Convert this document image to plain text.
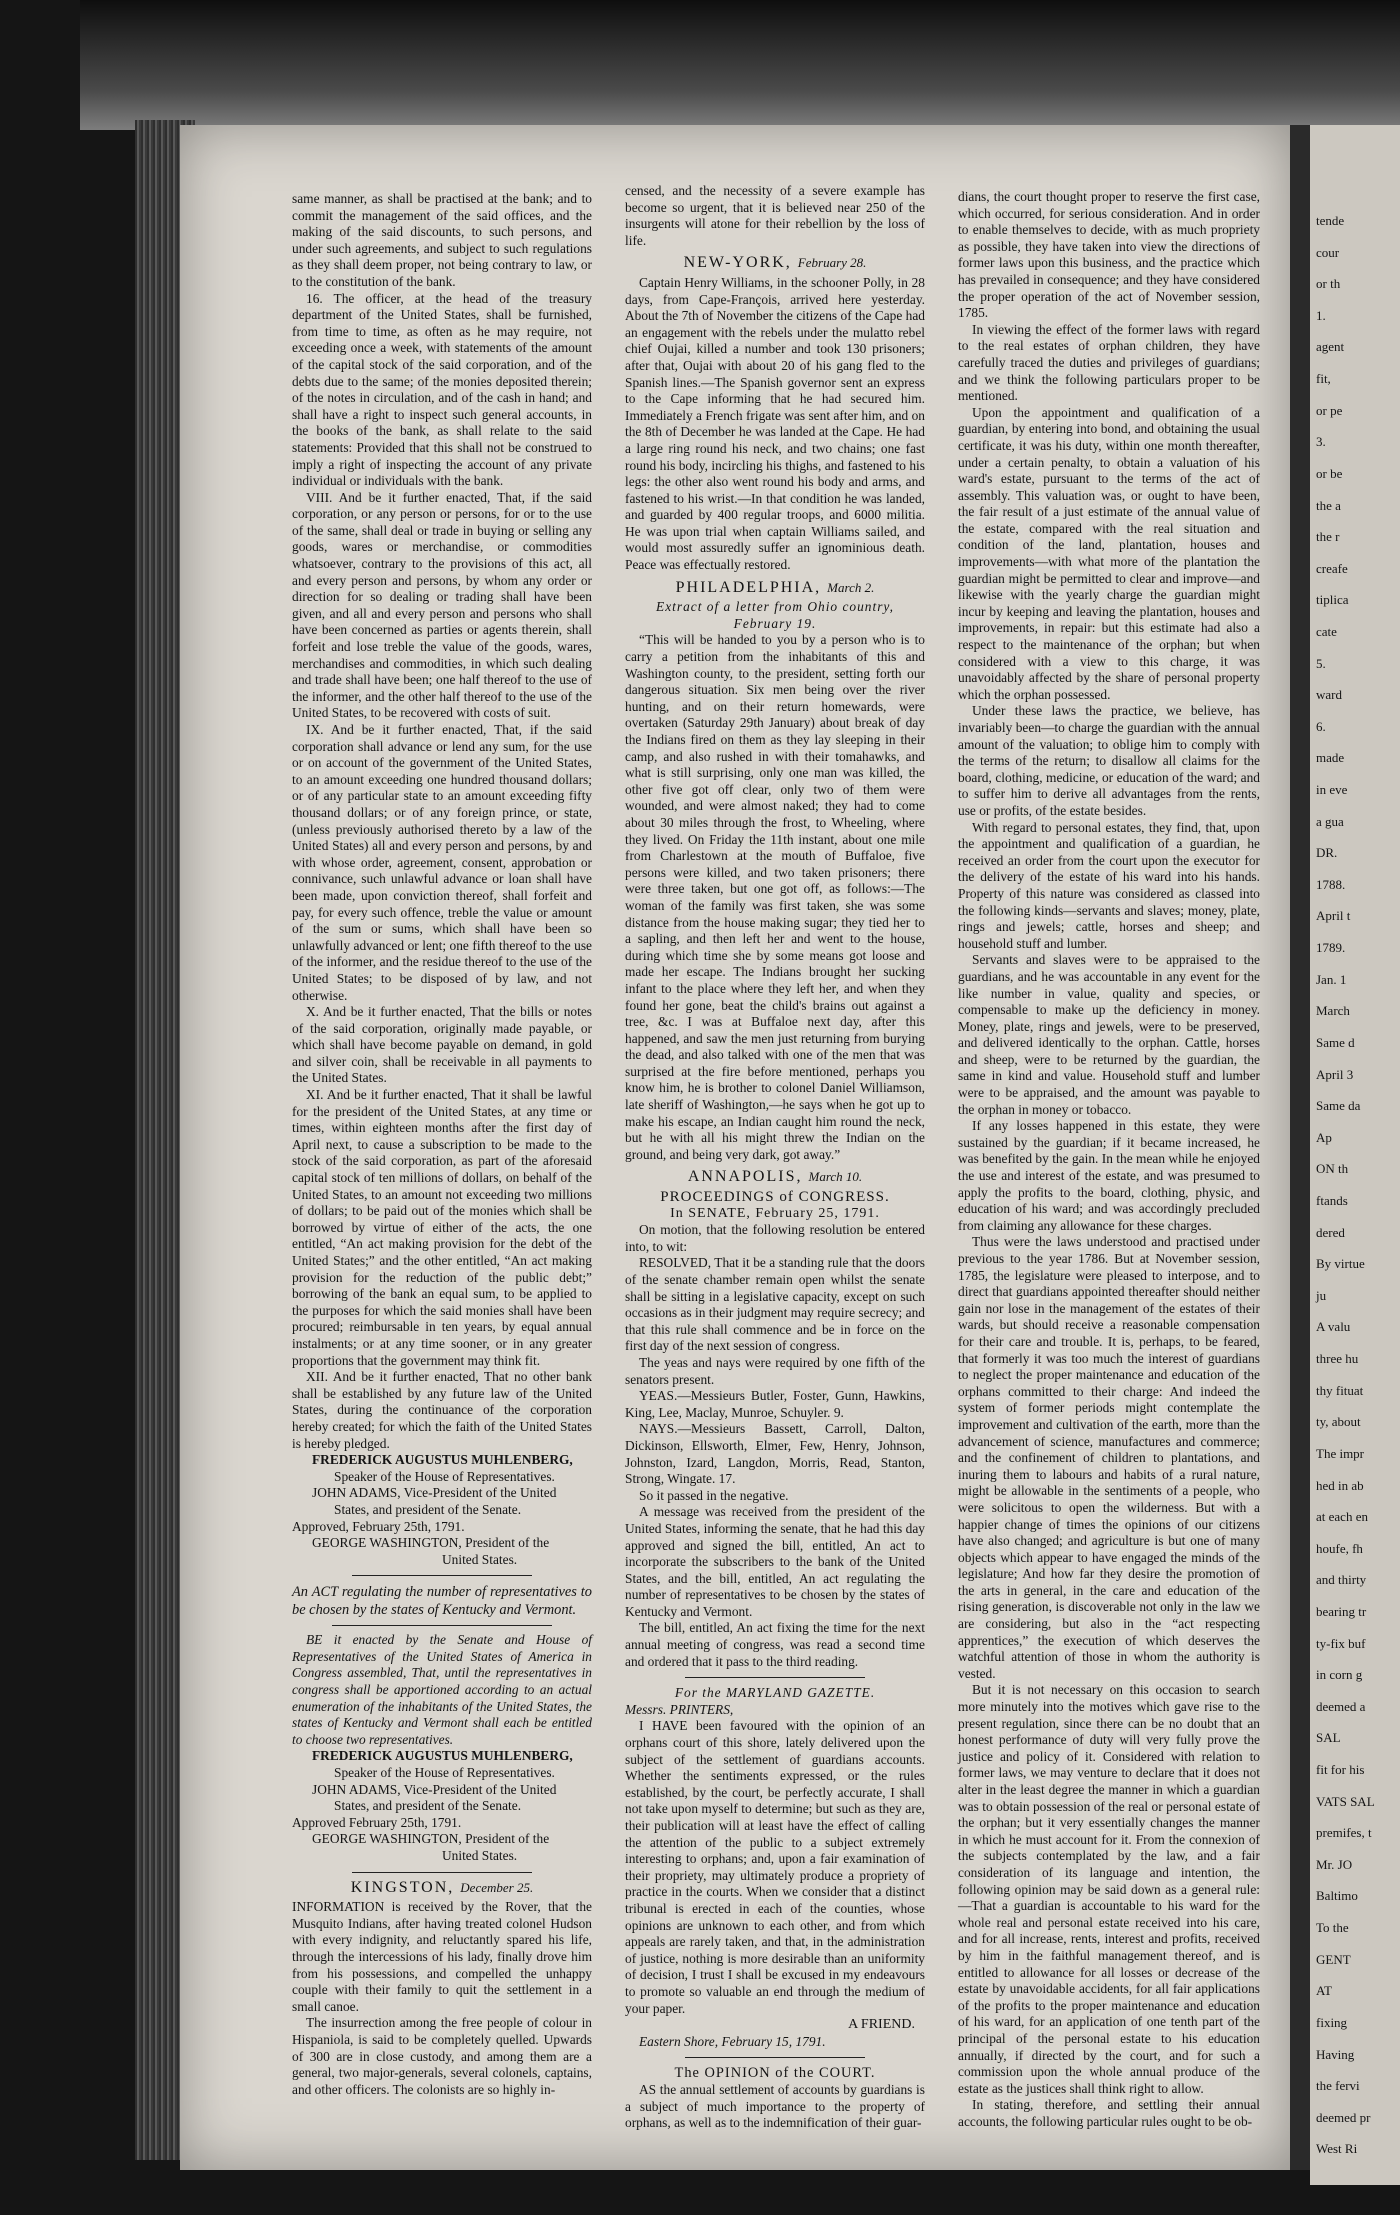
same manner, as shall be practised at the bank; and to commit the management of the said offices, and the making of the said discounts, to such persons, and under such agreements, and subject to such regulations as they shall deem proper, not being contrary to law, or to the constitution of the bank.

16. The officer, at the head of the treasury department of the United States, shall be furnished, from time to time, as often as he may require, not exceeding once a week, with statements of the amount of the capital stock of the said corporation, and of the debts due to the same; of the monies deposited therein; of the notes in circulation, and of the cash in hand; and shall have a right to inspect such general accounts, in the books of the bank, as shall relate to the said statements: Provided that this shall not be construed to imply a right of inspecting the account of any private individual or individuals with the bank.

VIII. And be it further enacted, That, if the said corporation, or any person or persons, for or to the use of the same, shall deal or trade in buying or selling any goods, wares or merchandise, or commodities whatsoever, contrary to the provisions of this act, all and every person and persons, by whom any order or direction for so dealing or trading shall have been given, and all and every person and persons who shall have been concerned as parties or agents therein, shall forfeit and lose treble the value of the goods, wares, merchandises and commodities, in which such dealing and trade shall have been; one half thereof to the use of the informer, and the other half thereof to the use of the United States, to be recovered with costs of suit.

IX. And be it further enacted, That, if the said corporation shall advance or lend any sum, for the use or on account of the government of the United States, to an amount exceeding one hundred thousand dollars; or of any particular state to an amount exceeding fifty thousand dollars; or of any foreign prince, or state, (unless previously authorised thereto by a law of the United States) all and every person and persons, by and with whose order, agreement, consent, approbation or connivance, such unlawful advance or loan shall have been made, upon conviction thereof, shall forfeit and pay, for every such offence, treble the value or amount of the sum or sums, which shall have been so unlawfully advanced or lent; one fifth thereof to the use of the informer, and the residue thereof to the use of the United States; to be disposed of by law, and not otherwise.

X. And be it further enacted, That the bills or notes of the said corporation, originally made payable, or which shall have become payable on demand, in gold and silver coin, shall be receivable in all payments to the United States.

XI. And be it further enacted, That it shall be lawful for the president of the United States, at any time or times, within eighteen months after the first day of April next, to cause a subscription to be made to the stock of the said corporation, as part of the aforesaid capital stock of ten millions of dollars, on behalf of the United States, to an amount not exceeding two millions of dollars; to be paid out of the monies which shall be borrowed by virtue of either of the acts, the one entitled, “An act making provision for the debt of the United States;” and the other entitled, “An act making provision for the reduction of the public debt;” borrowing of the bank an equal sum, to be applied to the purposes for which the said monies shall have been procured; reimbursable in ten years, by equal annual instalments; or at any time sooner, or in any greater proportions that the government may think fit.

XII. And be it further enacted, That no other bank shall be established by any future law of the United States, during the continuance of the corporation hereby created; for which the faith of the United States is hereby pledged.

FREDERICK AUGUSTUS MUHLENBERG,

Speaker of the House of Representatives.

JOHN ADAMS, Vice-President of the United

States, and president of the Senate.

Approved, February 25th, 1791.

GEORGE WASHINGTON, President of the

United States.

An ACT regulating the number of representatives to be chosen by the states of Kentucky and Vermont.

BE it enacted by the Senate and House of Representatives of the United States of America in Congress assembled, That, until the representatives in congress shall be apportioned according to an actual enumeration of the inhabitants of the United States, the states of Kentucky and Vermont shall each be entitled to choose two representatives.

FREDERICK AUGUSTUS MUHLENBERG,

Speaker of the House of Representatives.

JOHN ADAMS, Vice-President of the United

States, and president of the Senate.

Approved February 25th, 1791.

GEORGE WASHINGTON, President of the

United States.

KINGSTON, December 25.

INFORMATION is received by the Rover, that the Musquito Indians, after having treated colonel Hudson with every indignity, and reluctantly spared his life, through the intercessions of his lady, finally drove him from his possessions, and compelled the unhappy couple with their family to quit the settlement in a small canoe.

The insurrection among the free people of colour in Hispaniola, is said to be completely quelled. Upwards of 300 are in close custody, and among them are a general, two major-generals, several colonels, captains, and other officers. The colonists are so highly in-

censed, and the necessity of a severe example has become so urgent, that it is believed near 250 of the insurgents will atone for their rebellion by the loss of life.

NEW-YORK, February 28.

Captain Henry Williams, in the schooner Polly, in 28 days, from Cape-François, arrived here yesterday. About the 7th of November the citizens of the Cape had an engagement with the rebels under the mulatto rebel chief Oujai, killed a number and took 130 prisoners; after that, Oujai with about 20 of his gang fled to the Spanish lines.—The Spanish governor sent an express to the Cape informing that he had secured him. Immediately a French frigate was sent after him, and on the 8th of December he was landed at the Cape. He had a large ring round his neck, and two chains; one fast round his body, incircling his thighs, and fastened to his legs: the other also went round his body and arms, and fastened to his wrist.—In that condition he was landed, and guarded by 400 regular troops, and 6000 militia. He was upon trial when captain Williams sailed, and would most assuredly suffer an ignominious death. Peace was effectually restored.

PHILADELPHIA, March 2.

Extract of a letter from Ohio country, February 19.

“This will be handed to you by a person who is to carry a petition from the inhabitants of this and Washington county, to the president, setting forth our dangerous situation. Six men being over the river hunting, and on their return homewards, were overtaken (Saturday 29th January) about break of day the Indians fired on them as they lay sleeping in their camp, and also rushed in with their tomahawks, and what is still surprising, only one man was killed, the other five got off clear, only two of them were wounded, and were almost naked; they had to come about 30 miles through the frost, to Wheeling, where they lived. On Friday the 11th instant, about one mile from Charlestown at the mouth of Buffaloe, five persons were killed, and two taken prisoners; there were three taken, but one got off, as follows:—The woman of the family was first taken, she was some distance from the house making sugar; they tied her to a sapling, and then left her and went to the house, during which time she by some means got loose and made her escape. The Indians brought her sucking infant to the place where they left her, and when they found her gone, beat the child's brains out against a tree, &c. I was at Buffaloe next day, after this happened, and saw the men just returning from burying the dead, and also talked with one of the men that was surprised at the fire before mentioned, perhaps you know him, he is brother to colonel Daniel Williamson, late sheriff of Washington,—he says when he got up to make his escape, an Indian caught him round the neck, but he with all his might threw the Indian on the ground, and being very dark, got away.”

ANNAPOLIS, March 10.

PROCEEDINGS of CONGRESS.

In SENATE, February 25, 1791.

On motion, that the following resolution be entered into, to wit:

RESOLVED, That it be a standing rule that the doors of the senate chamber remain open whilst the senate shall be sitting in a legislative capacity, except on such occasions as in their judgment may require secrecy; and that this rule shall commence and be in force on the first day of the next session of congress.

The yeas and nays were required by one fifth of the senators present.

YEAS.—Messieurs Butler, Foster, Gunn, Hawkins, King, Lee, Maclay, Munroe, Schuyler. 9.

NAYS.—Messieurs Bassett, Carroll, Dalton, Dickinson, Ellsworth, Elmer, Few, Henry, Johnson, Johnston, Izard, Langdon, Morris, Read, Stanton, Strong, Wingate. 17.

So it passed in the negative.

A message was received from the president of the United States, informing the senate, that he had this day approved and signed the bill, entitled, An act to incorporate the subscribers to the bank of the United States, and the bill, entitled, An act regulating the number of representatives to be chosen by the states of Kentucky and Vermont.

The bill, entitled, An act fixing the time for the next annual meeting of congress, was read a second time and ordered that it pass to the third reading.

For the MARYLAND GAZETTE.

Messrs. PRINTERS,

I HAVE been favoured with the opinion of an orphans court of this shore, lately delivered upon the subject of the settlement of guardians accounts. Whether the sentiments expressed, or the rules established, by the court, be perfectly accurate, I shall not take upon myself to determine; but such as they are, their publication will at least have the effect of calling the attention of the public to a subject extremely interesting to orphans; and, upon a fair examination of their propriety, may ultimately produce a propriety of practice in the courts. When we consider that a distinct tribunal is erected in each of the counties, whose opinions are unknown to each other, and from which appeals are rarely taken, and that, in the administration of justice, nothing is more desirable than an uniformity of decision, I trust I shall be excused in my endeavours to promote so valuable an end through the medium of your paper.

A FRIEND.

Eastern Shore, February 15, 1791.

The OPINION of the COURT.

AS the annual settlement of accounts by guardians is a subject of much importance to the property of orphans, as well as to the indemnification of their guar-

dians, the court thought proper to reserve the first case, which occurred, for serious consideration. And in order to enable themselves to decide, with as much propriety as possible, they have taken into view the directions of former laws upon this business, and the practice which has prevailed in consequence; and they have considered the proper operation of the act of November session, 1785.

In viewing the effect of the former laws with regard to the real estates of orphan children, they have carefully traced the duties and privileges of guardians; and we think the following particulars proper to be mentioned.

Upon the appointment and qualification of a guardian, by entering into bond, and obtaining the usual certificate, it was his duty, within one month thereafter, under a certain penalty, to obtain a valuation of his ward's estate, pursuant to the terms of the act of assembly. This valuation was, or ought to have been, the fair result of a just estimate of the annual value of the estate, compared with the real situation and condition of the land, plantation, houses and improvements—with what more of the plantation the guardian might be permitted to clear and improve—and likewise with the yearly charge the guardian might incur by keeping and leaving the plantation, houses and improvements, in repair: but this estimate had also a respect to the maintenance of the orphan; but when considered with a view to this charge, it was unavoidably affected by the share of personal property which the orphan possessed.

Under these laws the practice, we believe, has invariably been—to charge the guardian with the annual amount of the valuation; to oblige him to comply with the terms of the return; to disallow all claims for the board, clothing, medicine, or education of the ward; and to suffer him to derive all advantages from the rents, use or profits, of the estate besides.

With regard to personal estates, they find, that, upon the appointment and qualification of a guardian, he received an order from the court upon the executor for the delivery of the estate of his ward into his hands. Property of this nature was considered as classed into the following kinds—servants and slaves; money, plate, rings and jewels; cattle, horses and sheep; and household stuff and lumber.

Servants and slaves were to be appraised to the guardians, and he was accountable in any event for the like number in value, quality and species, or compensable to make up the deficiency in money. Money, plate, rings and jewels, were to be preserved, and delivered identically to the orphan. Cattle, horses and sheep, were to be returned by the guardian, the same in kind and value. Household stuff and lumber were to be appraised, and the amount was payable to the orphan in money or tobacco.

If any losses happened in this estate, they were sustained by the guardian; if it became increased, he was benefited by the gain. In the mean while he enjoyed the use and interest of the estate, and was presumed to apply the profits to the board, clothing, physic, and education of his ward; and was accordingly precluded from claiming any allowance for these charges.

Thus were the laws understood and practised under previous to the year 1786. But at November session, 1785, the legislature were pleased to interpose, and to direct that guardians appointed thereafter should neither gain nor lose in the management of the estates of their wards, but should receive a reasonable compensation for their care and trouble. It is, perhaps, to be feared, that formerly it was too much the interest of guardians to neglect the proper maintenance and education of the orphans committed to their charge: And indeed the system of former periods might contemplate the improvement and cultivation of the earth, more than the advancement of science, manufactures and commerce; and the confinement of children to plantations, and inuring them to labours and habits of a rural nature, might be allowable in the sentiments of a people, who were solicitous to open the wilderness. But with a happier change of times the opinions of our citizens have also changed; and agriculture is but one of many objects which appear to have engaged the minds of the legislature; And how far they desire the promotion of the arts in general, in the care and education of the rising generation, is discoverable not only in the law we are considering, but also in the “act respecting apprentices,” the execution of which deserves the watchful attention of those in whom the authority is vested.

But it is not necessary on this occasion to search more minutely into the motives which gave rise to the present regulation, since there can be no doubt that an honest performance of duty will very fully prove the justice and policy of it. Considered with relation to former laws, we may venture to declare that it does not alter in the least degree the manner in which a guardian was to obtain possession of the real or personal estate of the orphan; but it very essentially changes the manner in which he must account for it. From the connexion of the subjects contemplated by the law, and a fair consideration of its language and intention, the following opinion may be said down as a general rule:—That a guardian is accountable to his ward for the whole real and personal estate received into his care, and for all increase, rents, interest and profits, received by him in the faithful management thereof, and is entitled to allowance for all losses or decrease of the estate by unavoidable accidents, for all fair applications of the profits to the proper maintenance and education of his ward, for an application of one tenth part of the principal of the personal estate to his education annually, if directed by the court, and for such a commission upon the whole annual produce of the estate as the justices shall think right to allow.

In stating, therefore, and settling their annual accounts, the following particular rules ought to be ob-

tende
cour
or th
1.
agent
fit,
or pe
3.
or be
the a
the r
creafe
tiplica
cate
5.
ward
6.
made
in eve
a gua
DR.
1788.
April t
1789.
Jan. 1
March
Same d
April 3
Same da
Ap
ON th
ftands
dered
By virtue
ju
A valu
three hu
thy fituat
ty, about
The impr
hed in ab
at each en
houfe, fh
and thirty
bearing tr
ty-fix buf
in corn g
deemed a
SAL
fit for his
VATS SAL
premifes, t
Mr. JO
Baltimo
To the
GENT
AT
fixing
Having
the fervi
deemed pr
West Ri
